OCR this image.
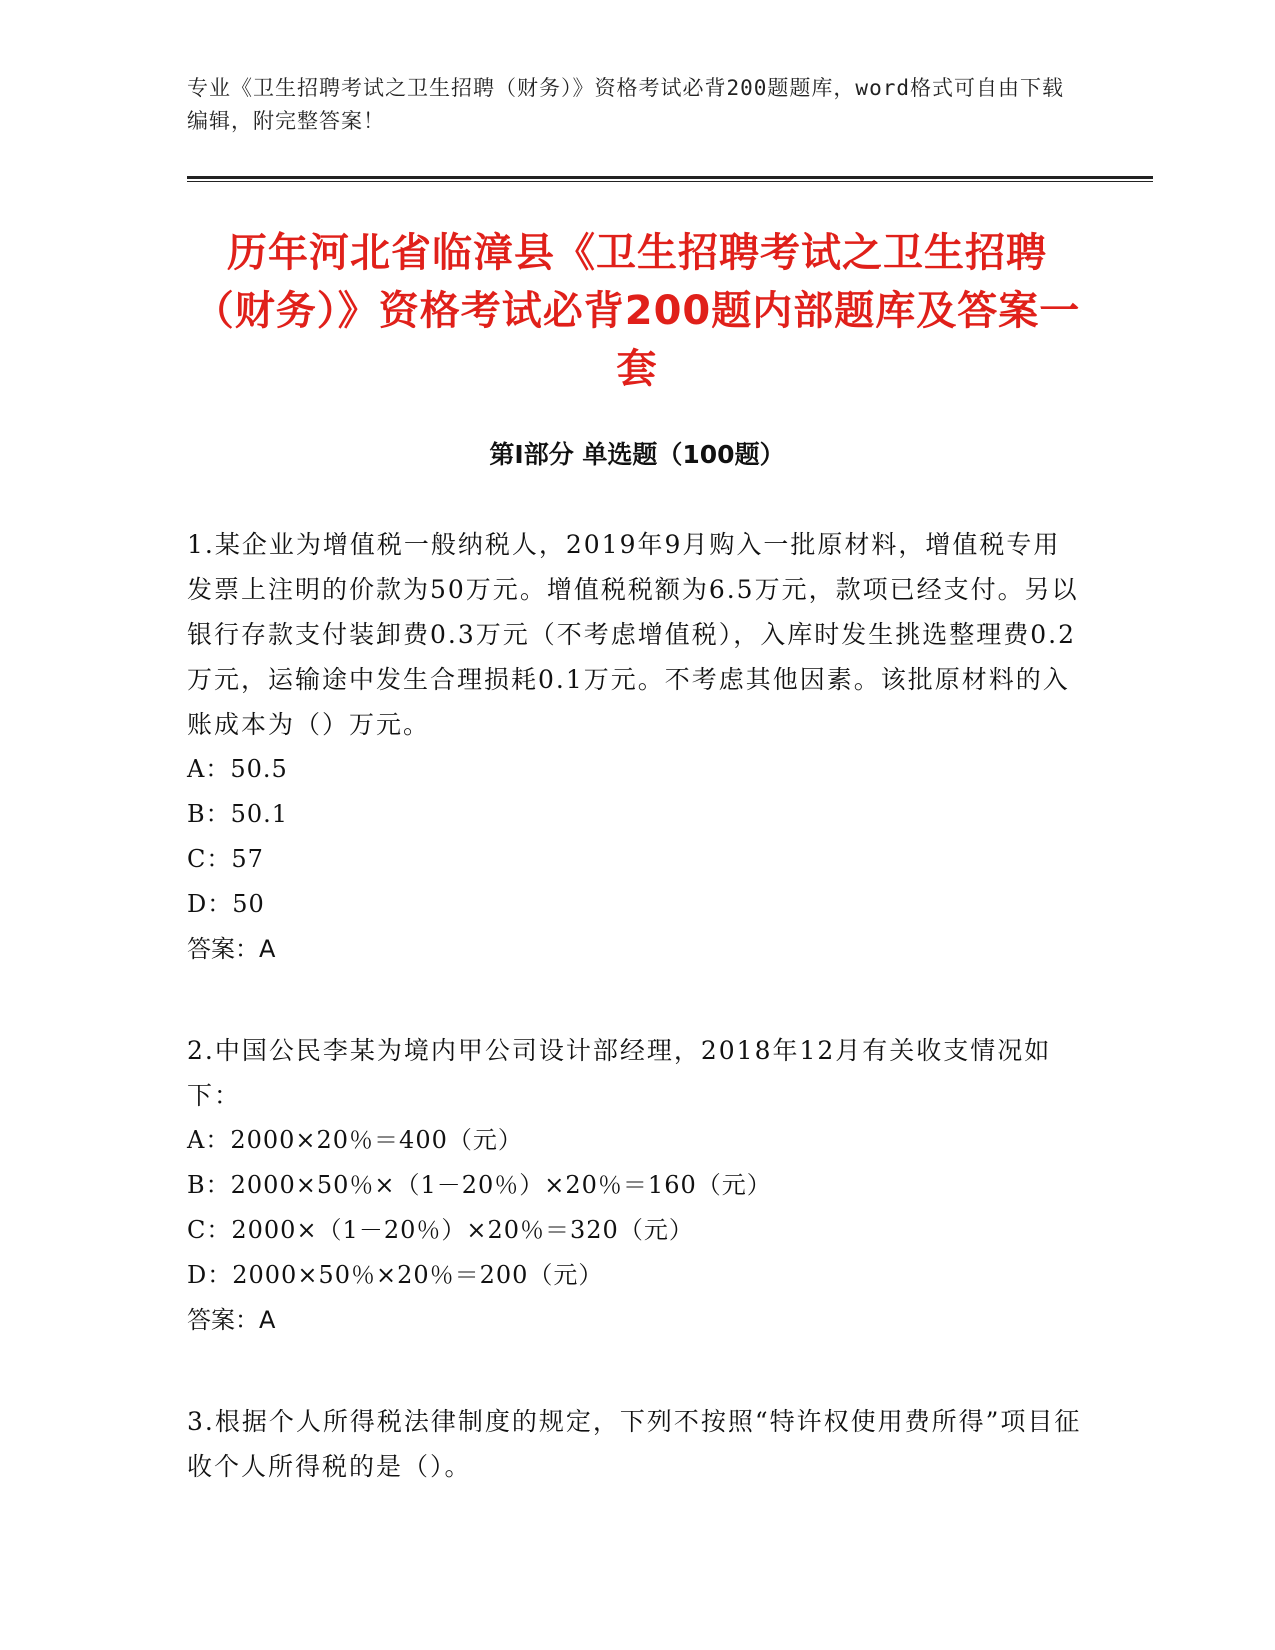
专业《卫生招聘考试之卫生招聘（财务）》资格考试必背200题题库，word格式可自由下载编辑，附完整答案！
历年河北省临漳县《卫生招聘考试之卫生招聘（财务）》资格考试必背200题内部题库及答案一套
第Ⅰ部分 单选题（100题）

1.某企业为增值税一般纳税人，2019年9月购入一批原材料，增值税专用发票上注明的价款为50万元。增值税税额为6.5万元，款项已经支付。另以银行存款支付装卸费0.3万元（不考虑增值税），入库时发生挑选整理费0.2万元，运输途中发生合理损耗0.1万元。不考虑其他因素。该批原材料的入账成本为（）万元。

A：50.5
B：50.1
C：57
D：50

答案：A

2.中国公民李某为境内甲公司设计部经理，2018年12月有关收支情况如下：

A：2000×20％＝400（元）
B：2000×50％×（1－20％）×20％＝160（元）
C：2000×（1－20％）×20％＝320（元）
D：2000×50％×20％＝200（元）

答案：A

3.根据个人所得税法律制度的规定，下列不按照“特许权使用费所得”项目征收个人所得税的是（）。
